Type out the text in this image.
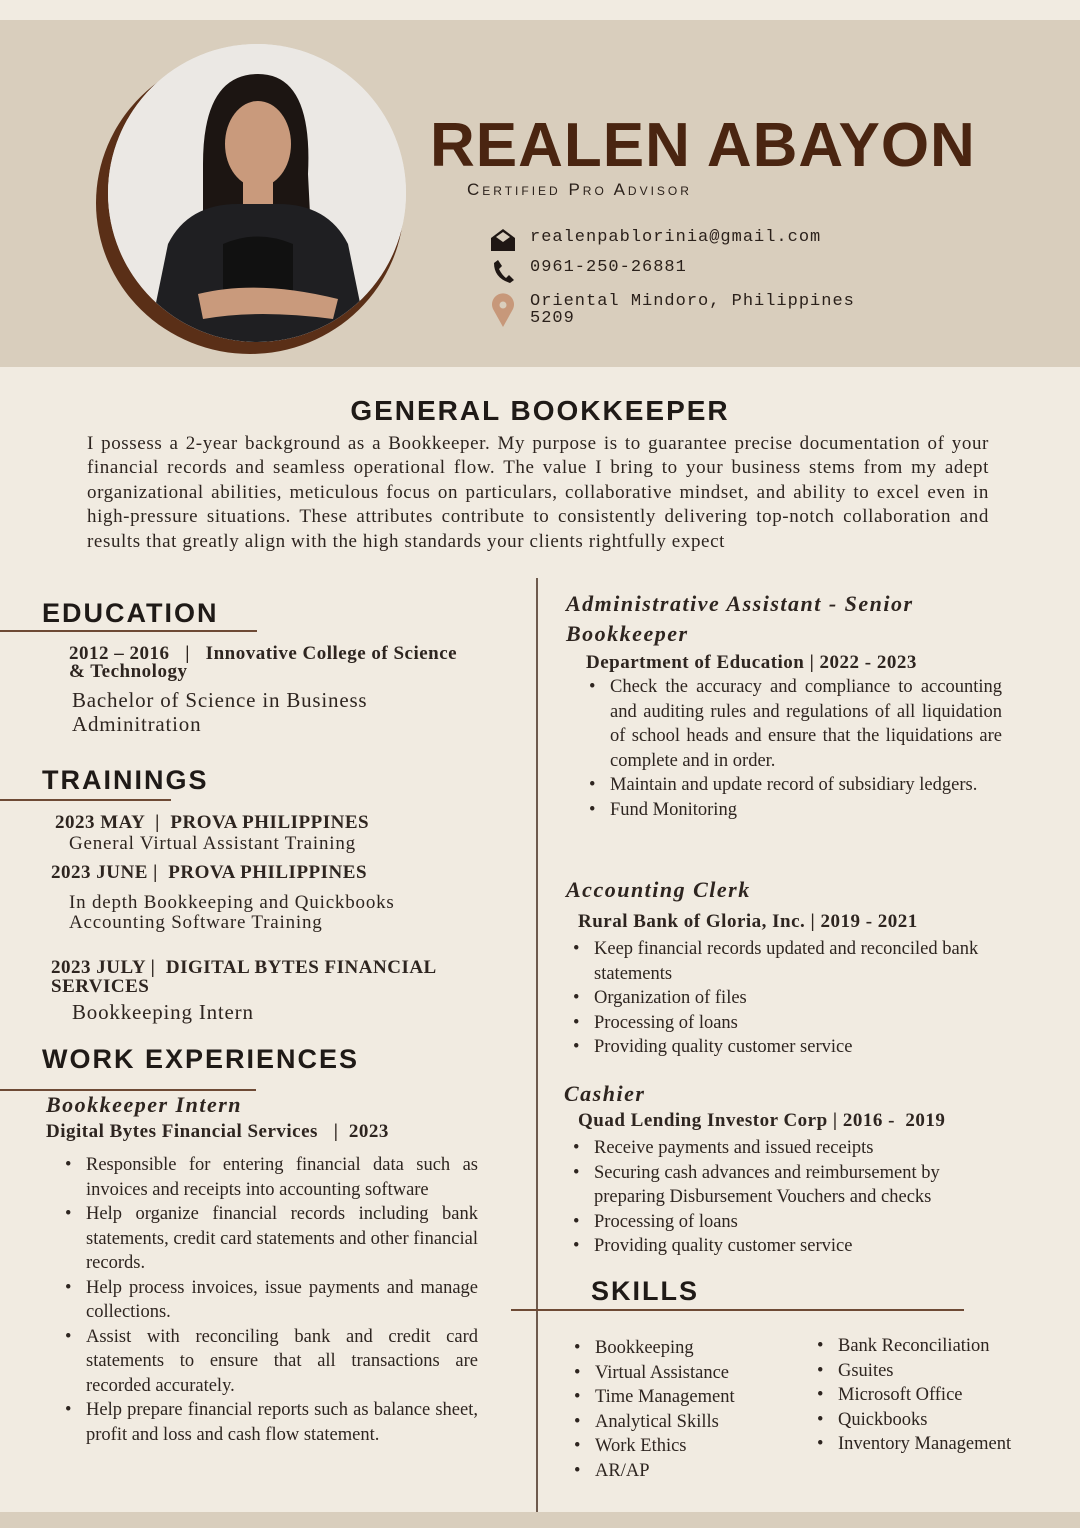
REALEN ABAYON
Certified Pro Advisor
realenpablorinia@gmail.com
0961-250-26881
Oriental Mindoro, Philippines
5209
GENERAL BOOKKEEPER
I possess a 2-year background as a Bookkeeper. My purpose is to guarantee precise documentation of your financial records and seamless operational flow. The value I bring to your business stems from my adept organizational abilities, meticulous focus on particulars, collaborative mindset, and ability to excel even in high-pressure situations. These attributes contribute to consistently delivering top-notch collaboration and results that greatly align with the high standards your clients rightfully expect
EDUCATION
2012 – 2016   |   Innovative College of Science
& Technology
Bachelor of Science in Business
Adminitration
TRAININGS
2023 MAY  |  PROVA PHILIPPINES
General Virtual Assistant Training
2023 JUNE |  PROVA PHILIPPINES
In depth Bookkeeping and Quickbooks Accounting Software Training
2023 JULY |  DIGITAL BYTES FINANCIAL SERVICES
Bookkeeping Intern
WORK EXPERIENCES
Bookkeeper Intern
Digital Bytes Financial Services   |  2023
• Responsible for entering financial data such as invoices and receipts into accounting software
• Help organize financial records including bank statements, credit card statements and other financial records.
• Help process invoices, issue payments and manage collections.
• Assist with reconciling bank and credit card statements to ensure that all transactions are recorded accurately.
• Help prepare financial reports such as balance sheet, profit and loss and cash flow statement.
Administrative Assistant - Senior Bookkeeper
Department of Education | 2022 - 2023
• Check the accuracy and compliance to accounting and auditing rules and regulations of all liquidation of school heads and ensure that the liquidations are complete and in order.
• Maintain and update record of subsidiary ledgers.
• Fund Monitoring
Accounting Clerk
Rural Bank of Gloria, Inc. | 2019 - 2021
• Keep financial records updated and reconciled bank statements
• Organization of files
• Processing of loans
• Providing quality customer service
Cashier
Quad Lending Investor Corp | 2016 -  2019
• Receive payments and issued receipts
• Securing cash advances and reimbursement by preparing Disbursement Vouchers and checks
• Processing of loans
• Providing quality customer service
SKILLS
• Bookkeeping
• Virtual Assistance
• Time Management
• Analytical Skills
• Work Ethics
• AR/AP
• Bank Reconciliation
• Gsuites
• Microsoft Office
• Quickbooks
• Inventory Management
